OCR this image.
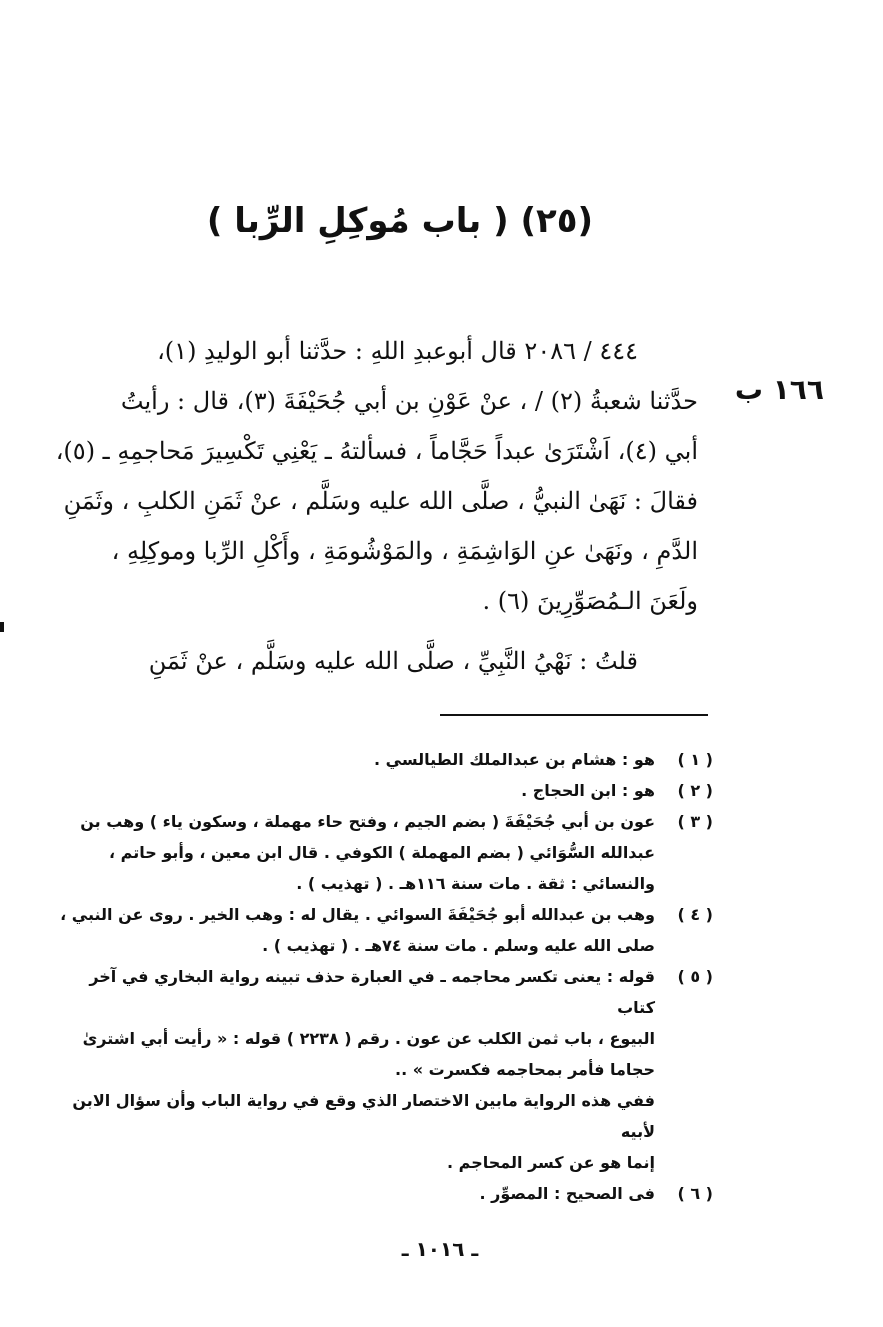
(٢٥) ( باب مُوكِلِ الرِّبا )
١٦٦ ب

٤٤٤ / ٢٠٨٦ قال أبوعبدِ اللهِ : حدَّثنا أبو الوليدِ (١)،

حدَّثنا شعبةُ (٢) / ، عنْ عَوْنِ بن أبي جُحَيْفَةَ (٣)، قال : رأيتُ

أبي (٤)، اَشْتَرَىٰ عبداً حَجَّاماً ، فسألتهُ ـ يَعْنِي تَكْسِيرَ مَحاجمِهِ ـ (٥)،

فقالَ : نَهَىٰ النبيُّ ، صلَّى الله عليه وسَلَّم ، عنْ ثَمَنِ الكلبِ ، وثَمَنِ

الدَّمِ ، ونَهَىٰ عنِ الوَاشِمَةِ ، والمَوْشُومَةِ ، وأَكْلِ الرِّبا وموكِلِهِ ،

ولَعَنَ الـمُصَوِّرِينَ (٦) .

قلتُ : نَهْيُ النَّبِيِّ ، صلَّى الله عليه وسَلَّم ، عنْ ثَمَنِ
( ١ )
هو : هشام بن عبدالملك الطيالسي .
( ٢ )
هو : ابن الحجاج .
( ٣ )
عون بن أبي جُحَيْفَةَ ( بضم الجيم ، وفتح حاء مهملة ، وسكون ياء ) وهب بن
عبدالله السُّوَائي ( بضم المهملة ) الكوفي . قال ابن معين ، وأبو حاتم ،
والنسائي : ثقة . مات سنة ١١٦هـ . ( تهذيب ) .
( ٤ )
وهب بن عبدالله أبو جُحَيْفَةَ السوائي . يقال له : وهب الخير . روى عن النبي ،
صلى الله عليه وسلم . مات سنة ٧٤هـ . ( تهذيب ) .
( ٥ )
قوله : يعنى تكسر محاجمه ـ في العبارة حذف تبينه رواية البخاري في آخر كتاب
البيوع ، باب ثمن الكلب عن عون . رقم ( ٢٢٣٨ ) قوله : « رأيت أبي اشترىٰ
حجاما فأمر بمحاجمه فكسرت » ..
ففي هذه الرواية مابين الاختصار الذي وقع في رواية الباب وأن سؤال الابن لأبيه
إنما هو عن كسر المحاجم .
( ٦ )
فى الصحيح : المصوِّر .
ـ ١٠١٦ ـ
